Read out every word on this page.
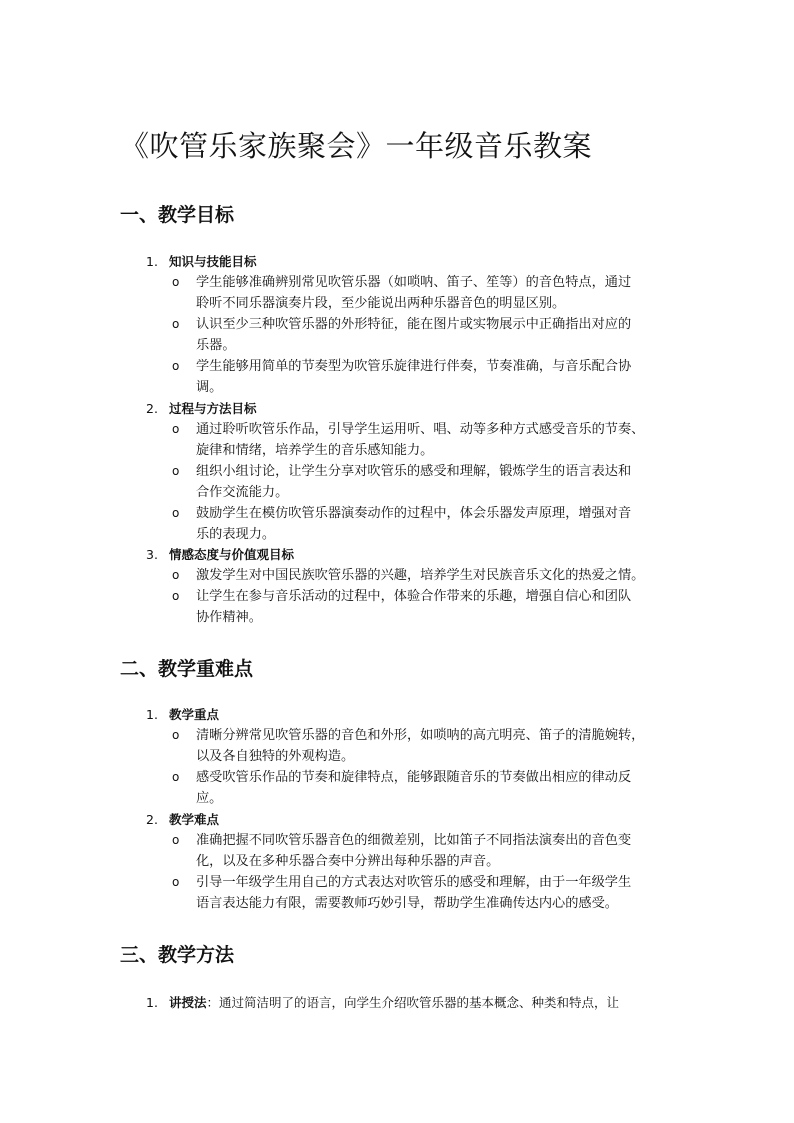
《吹管乐家族聚会》一年级音乐教案
一、教学目标
1. 知识与技能目标
o 学生能够准确辨别常见吹管乐器（如唢呐、笛子、笙等）的音色特点，通过
聆听不同乐器演奏片段，至少能说出两种乐器音色的明显区别。
o 认识至少三种吹管乐器的外形特征，能在图片或实物展示中正确指出对应的
乐器。
o 学生能够用简单的节奏型为吹管乐旋律进行伴奏，节奏准确，与音乐配合协
调。
2. 过程与方法目标
o 通过聆听吹管乐作品，引导学生运用听、唱、动等多种方式感受音乐的节奏、
旋律和情绪，培养学生的音乐感知能力。
o 组织小组讨论，让学生分享对吹管乐的感受和理解，锻炼学生的语言表达和
合作交流能力。
o 鼓励学生在模仿吹管乐器演奏动作的过程中，体会乐器发声原理，增强对音
乐的表现力。
3. 情感态度与价值观目标
o 激发学生对中国民族吹管乐器的兴趣，培养学生对民族音乐文化的热爱之情。
o 让学生在参与音乐活动的过程中，体验合作带来的乐趣，增强自信心和团队
协作精神。
二、教学重难点
1. 教学重点
o 清晰分辨常见吹管乐器的音色和外形，如唢呐的高亢明亮、笛子的清脆婉转，
以及各自独特的外观构造。
o 感受吹管乐作品的节奏和旋律特点，能够跟随音乐的节奏做出相应的律动反
应。
2. 教学难点
o 准确把握不同吹管乐器音色的细微差别，比如笛子不同指法演奏出的音色变
化，以及在多种乐器合奏中分辨出每种乐器的声音。
o 引导一年级学生用自己的方式表达对吹管乐的感受和理解，由于一年级学生
语言表达能力有限，需要教师巧妙引导，帮助学生准确传达内心的感受。
三、教学方法
1. 讲授法：通过简洁明了的语言，向学生介绍吹管乐器的基本概念、种类和特点，让
